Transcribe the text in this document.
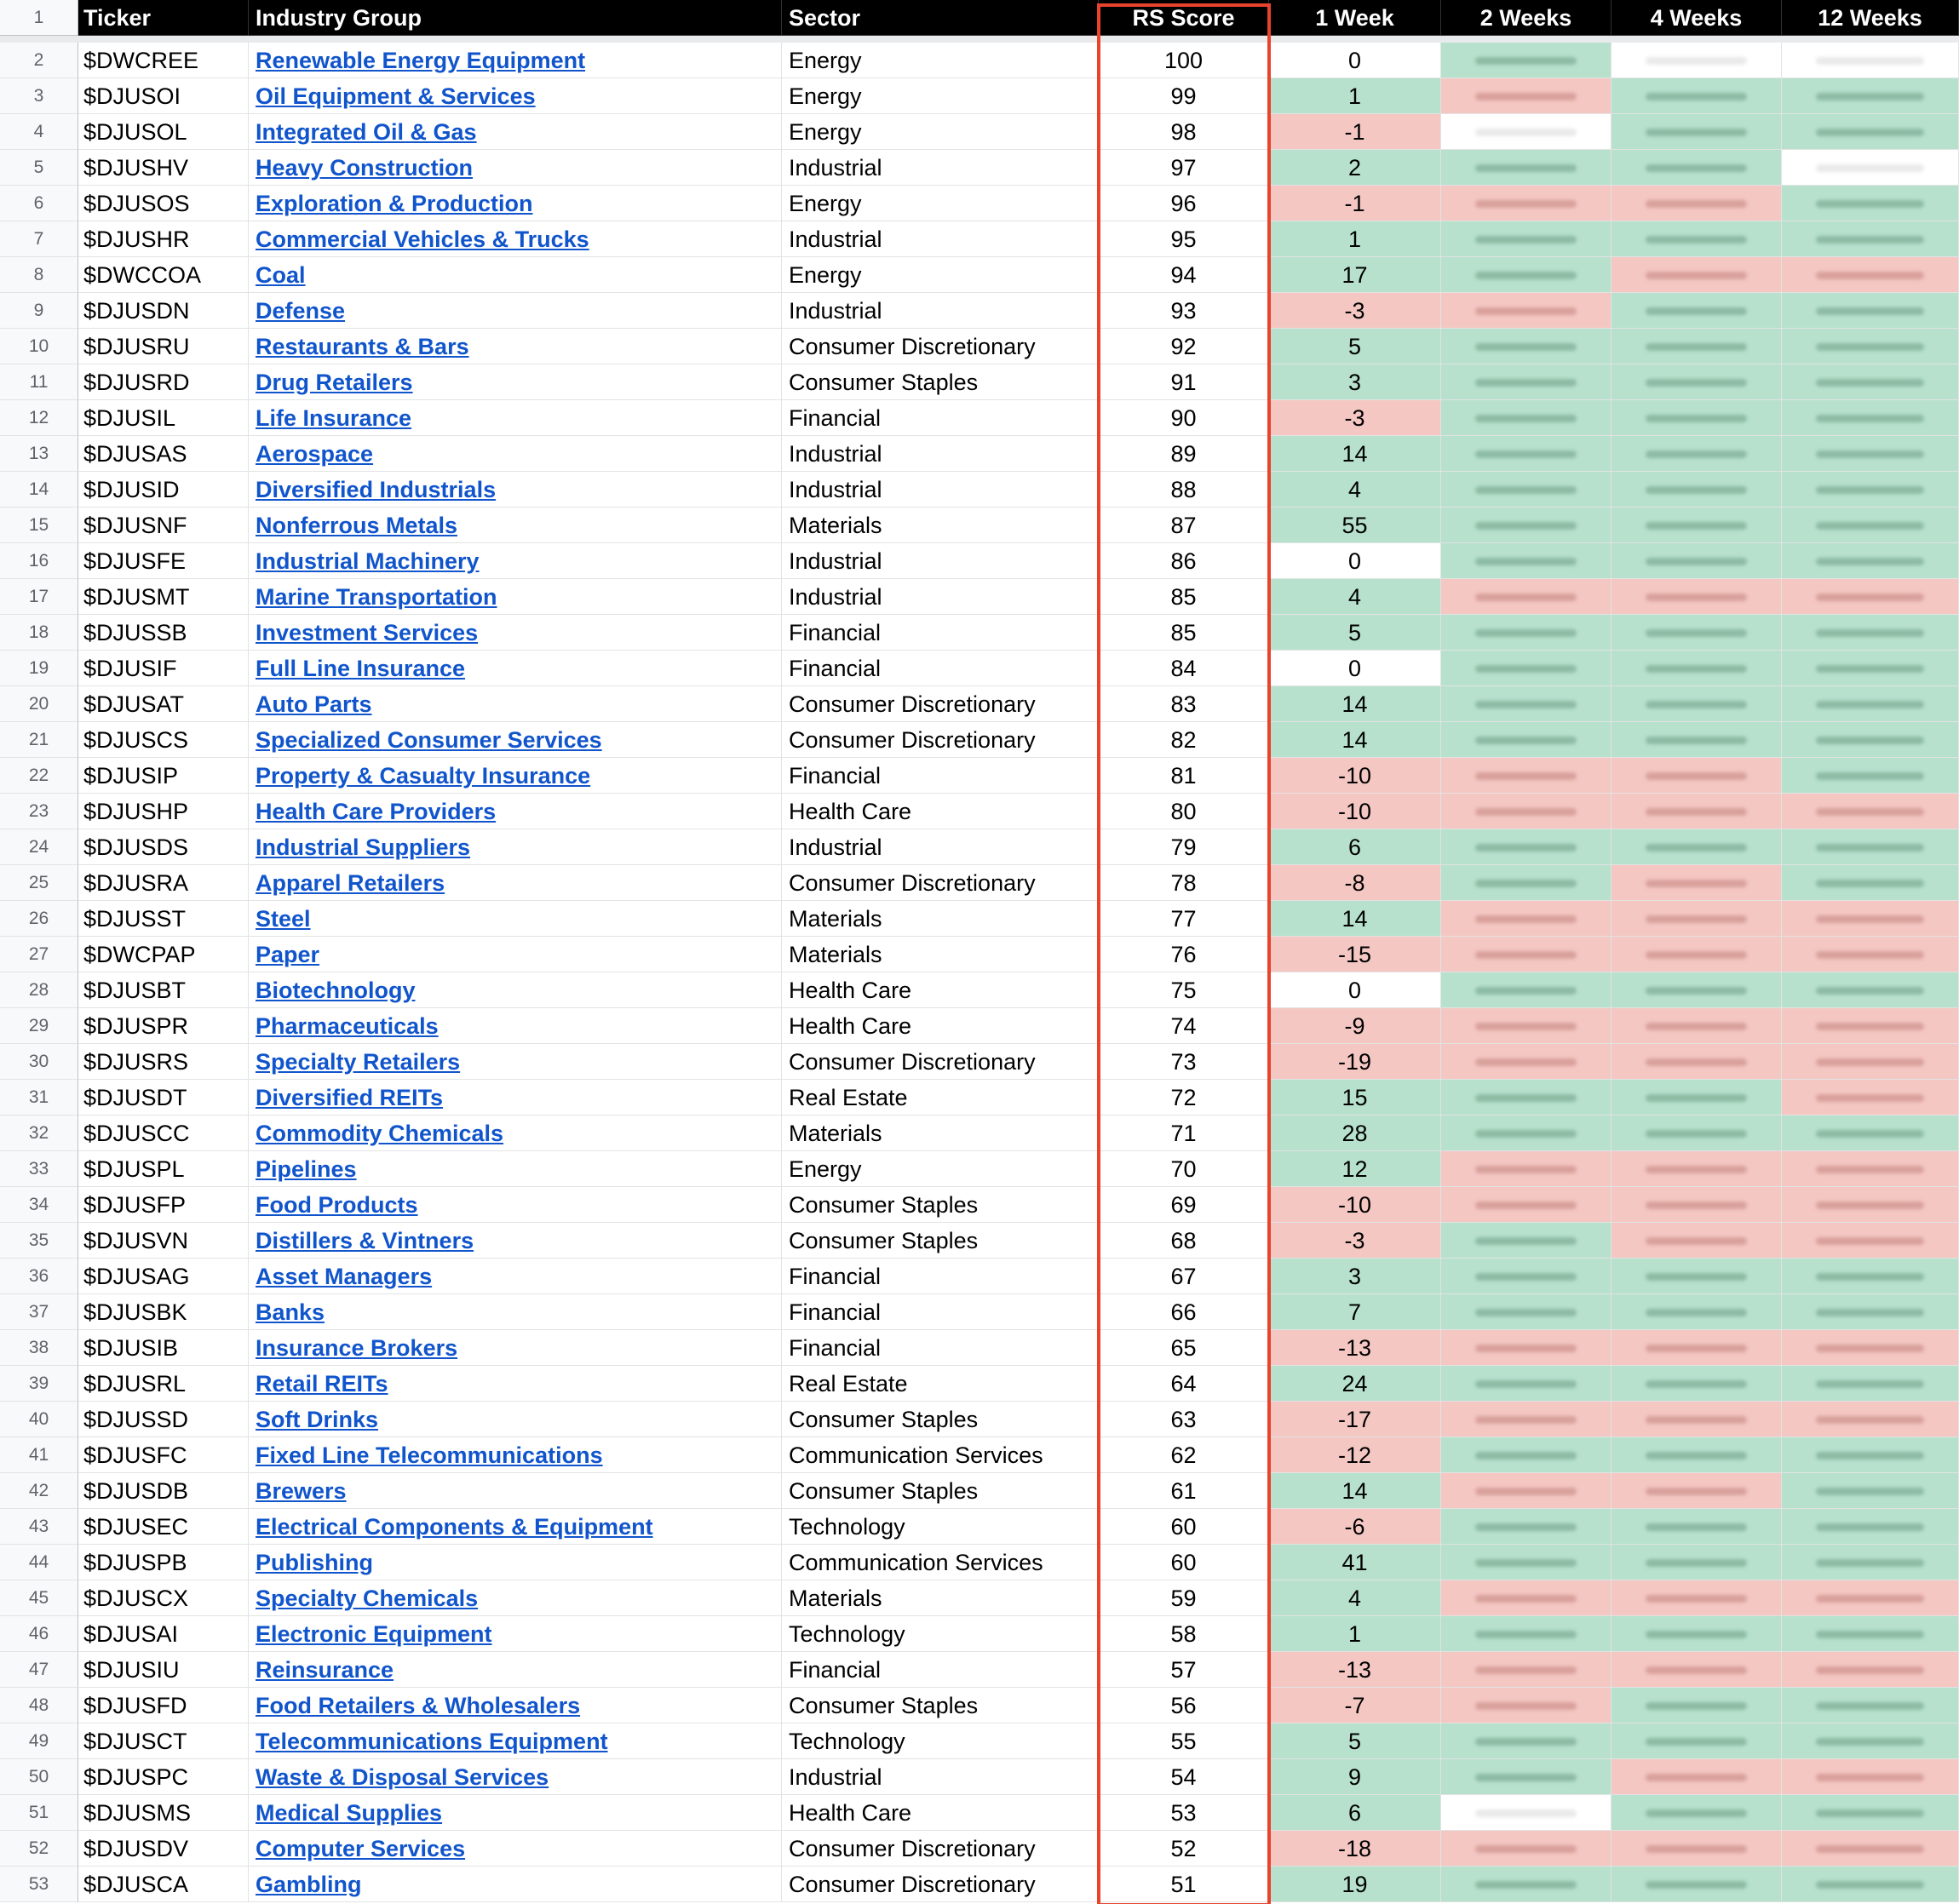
1	Ticker	Industry Group	Sector	RS Score	1 Week	2 Weeks	4 Weeks	12 Weeks
2	$DWCREE	Renewable Energy Equipment	Energy	100	0
3	$DJUSOI	Oil Equipment & Services	Energy	99	1
4	$DJUSOL	Integrated Oil & Gas	Energy	98	-1
5	$DJUSHV	Heavy Construction	Industrial	97	2
6	$DJUSOS	Exploration & Production	Energy	96	-1
7	$DJUSHR	Commercial Vehicles & Trucks	Industrial	95	1
8	$DWCCOA	Coal	Energy	94	17
9	$DJUSDN	Defense	Industrial	93	-3
10	$DJUSRU	Restaurants & Bars	Consumer Discretionary	92	5
11	$DJUSRD	Drug Retailers	Consumer Staples	91	3
12	$DJUSIL	Life Insurance	Financial	90	-3
13	$DJUSAS	Aerospace	Industrial	89	14
14	$DJUSID	Diversified Industrials	Industrial	88	4
15	$DJUSNF	Nonferrous Metals	Materials	87	55
16	$DJUSFE	Industrial Machinery	Industrial	86	0
17	$DJUSMT	Marine Transportation	Industrial	85	4
18	$DJUSSB	Investment Services	Financial	85	5
19	$DJUSIF	Full Line Insurance	Financial	84	0
20	$DJUSAT	Auto Parts	Consumer Discretionary	83	14
21	$DJUSCS	Specialized Consumer Services	Consumer Discretionary	82	14
22	$DJUSIP	Property & Casualty Insurance	Financial	81	-10
23	$DJUSHP	Health Care Providers	Health Care	80	-10
24	$DJUSDS	Industrial Suppliers	Industrial	79	6
25	$DJUSRA	Apparel Retailers	Consumer Discretionary	78	-8
26	$DJUSST	Steel	Materials	77	14
27	$DWCPAP	Paper	Materials	76	-15
28	$DJUSBT	Biotechnology	Health Care	75	0
29	$DJUSPR	Pharmaceuticals	Health Care	74	-9
30	$DJUSRS	Specialty Retailers	Consumer Discretionary	73	-19
31	$DJUSDT	Diversified REITs	Real Estate	72	15
32	$DJUSCC	Commodity Chemicals	Materials	71	28
33	$DJUSPL	Pipelines	Energy	70	12
34	$DJUSFP	Food Products	Consumer Staples	69	-10
35	$DJUSVN	Distillers & Vintners	Consumer Staples	68	-3
36	$DJUSAG	Asset Managers	Financial	67	3
37	$DJUSBK	Banks	Financial	66	7
38	$DJUSIB	Insurance Brokers	Financial	65	-13
39	$DJUSRL	Retail REITs	Real Estate	64	24
40	$DJUSSD	Soft Drinks	Consumer Staples	63	-17
41	$DJUSFC	Fixed Line Telecommunications	Communication Services	62	-12
42	$DJUSDB	Brewers	Consumer Staples	61	14
43	$DJUSEC	Electrical Components & Equipment	Technology	60	-6
44	$DJUSPB	Publishing	Communication Services	60	41
45	$DJUSCX	Specialty Chemicals	Materials	59	4
46	$DJUSAI	Electronic Equipment	Technology	58	1
47	$DJUSIU	Reinsurance	Financial	57	-13
48	$DJUSFD	Food Retailers & Wholesalers	Consumer Staples	56	-7
49	$DJUSCT	Telecommunications Equipment	Technology	55	5
50	$DJUSPC	Waste & Disposal Services	Industrial	54	9
51	$DJUSMS	Medical Supplies	Health Care	53	6
52	$DJUSDV	Computer Services	Consumer Discretionary	52	-18
53	$DJUSCA	Gambling	Consumer Discretionary	51	19
